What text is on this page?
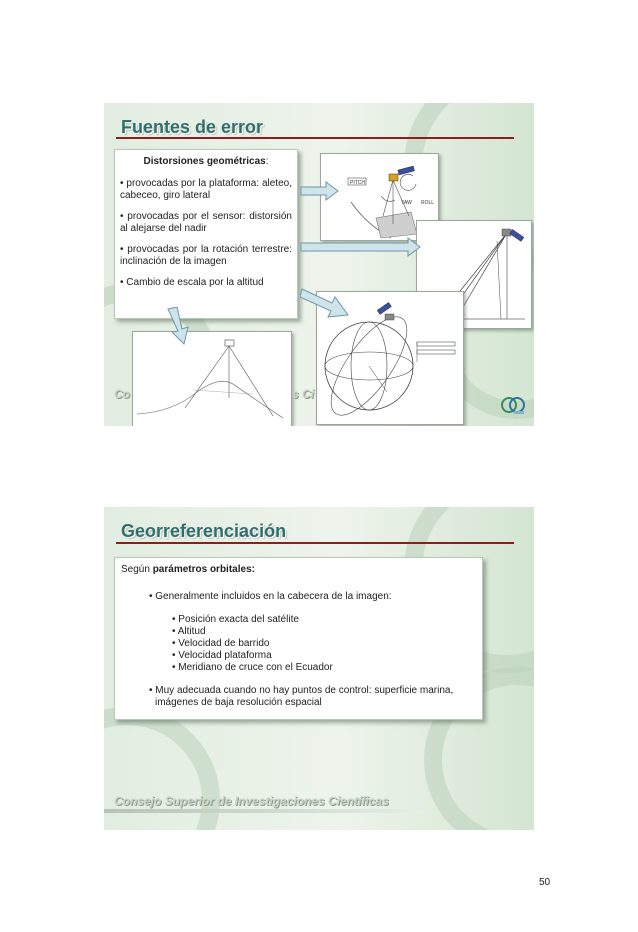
Fuentes de error

Distorsiones geométricas:

• provocadas por la plataforma: aleteo, cabeceo, giro lateral

• provocadas por el sensor: distorsión al alejarse del nadir

• provocadas por la rotación terrestre: inclinación de la imagen

• Cambio de escala por la altitud

PITCH
YAW ROLL
Co	s Ci
Georreferenciación

Según parámetros orbitales:

• Generalmente incluidos en la cabecera de la imagen:

• Posición exacta del satélite

• Altitud

• Velocidad de barrido

• Velocidad plataforma

• Meridiano de cruce con el Ecuador

• Muy adecuada cuando no hay puntos de control: superficie marina,

imágenes de baja resolución espacial

Consejo Superior de Investigaciones Científicas
50
